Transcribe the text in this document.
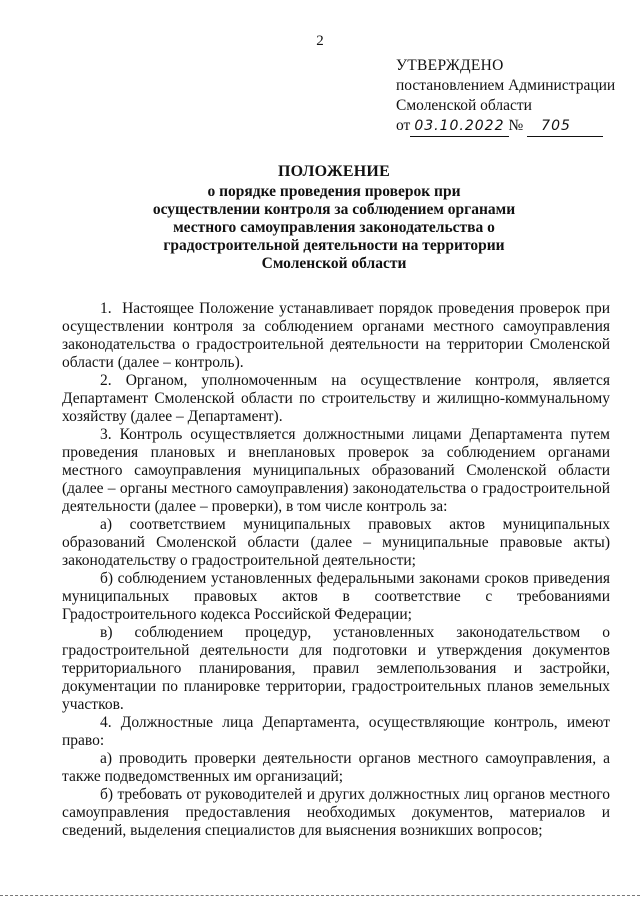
2
УТВЕРЖДЕНО
постановлением Администрации
Смоленской области
от 03.10.2022 № 705
ПОЛОЖЕНИЕ
о порядке проведения проверок при
осуществлении контроля за соблюдением органами
местного самоуправления законодательства о
градостроительной деятельности на территории
Смоленской области

1.  Настоящее Положение устанавливает порядок проведения проверок при осуществлении контроля за соблюдением органами местного самоуправления законодательства о градостроительной деятельности на территории Смоленской области (далее – контроль).

2. Органом, уполномоченным на осуществление контроля, является Департамент Смоленской области по строительству и жилищно-коммунальному хозяйству (далее – Департамент).

3. Контроль осуществляется должностными лицами Департамента путем проведения плановых и внеплановых проверок за соблюдением органами местного самоуправления муниципальных образований Смоленской области (далее – органы местного самоуправления) законодательства о градостроительной деятельности (далее – проверки), в том числе контроль за:

а) соответствием муниципальных правовых актов муниципальных образований Смоленской области (далее – муниципальные правовые акты) законодательству о градостроительной деятельности;

б) соблюдением установленных федеральными законами сроков приведения муниципальных правовых актов в соответствие с требованиями Градостроительного кодекса Российской Федерации;

в) соблюдением процедур, установленных законодательством о градостроительной деятельности для подготовки и утверждения документов территориального планирования, правил землепользования и застройки, документации по планировке территории, градостроительных планов земельных участков.

4. Должностные лица Департамента, осуществляющие контроль, имеют право:

а) проводить проверки деятельности органов местного самоуправления, а также подведомственных им организаций;

б) требовать от руководителей и других должностных лиц органов местного самоуправления предоставления необходимых документов, материалов и сведений, выделения специалистов для выяснения возникших вопросов;
